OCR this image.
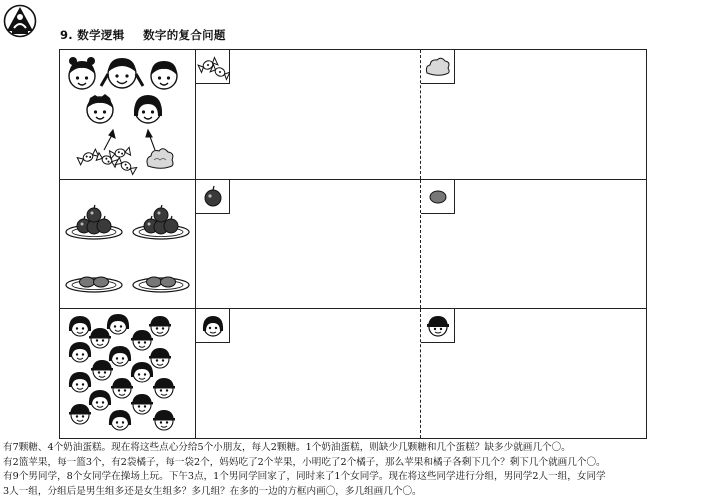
9. 数学逻辑 数字的复合问题

有7颗糖、4个奶油蛋糕。现在将这些点心分给5个小朋友，每人2颗糖。1个奶油蛋糕，则缺少几颗糖和几个蛋糕？缺多少就画几个〇。

有2篮苹果，每一篮3个，有2袋橘子，每一袋2个，妈妈吃了2个苹果，小明吃了2个橘子，那么苹果和橘子各剩下几个？剩下几个就画几个〇。

有9个男同学，8个女同学在操场上玩。下午3点，1个男同学回家了，同时来了1个女同学。现在将这些同学进行分组，男同学2人一组，女同学

3人一组，分组后是男生组多还是女生组多？多几组？在多的一边的方框内画〇，多几组画几个〇。
